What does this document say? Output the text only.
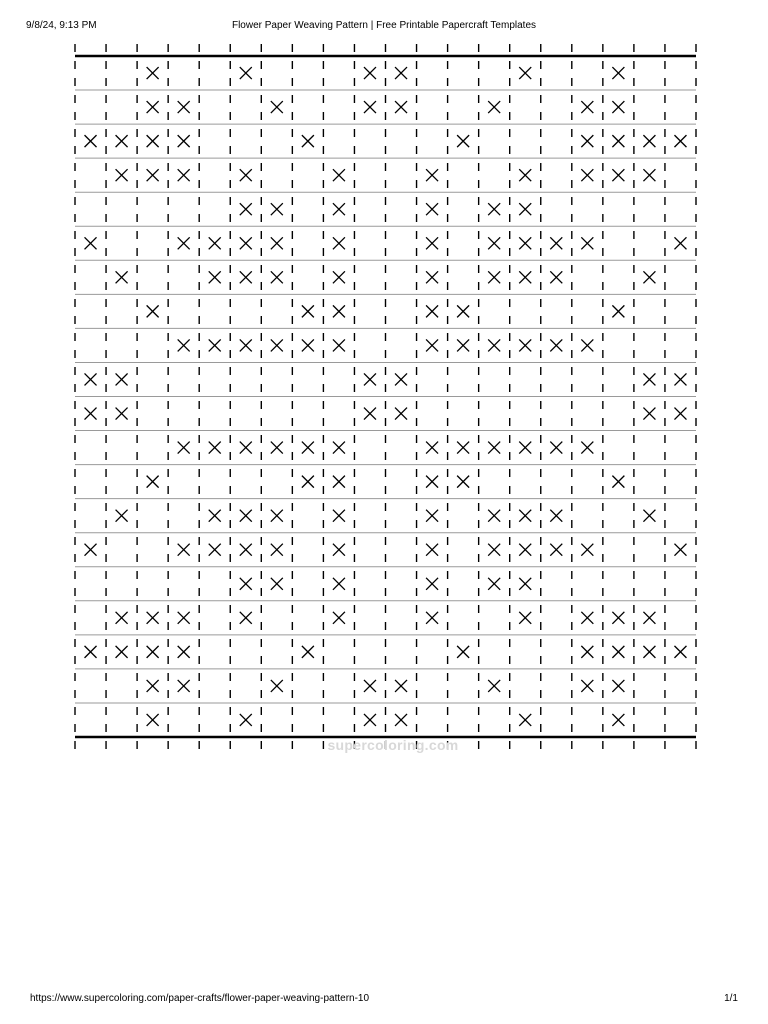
9/8/24, 9:13 PM	Flower Paper Weaving Pattern | Free Printable Papercraft Templates
supercoloring.com
https://www.supercoloring.com/paper-crafts/flower-paper-weaving-pattern-10	1/1
